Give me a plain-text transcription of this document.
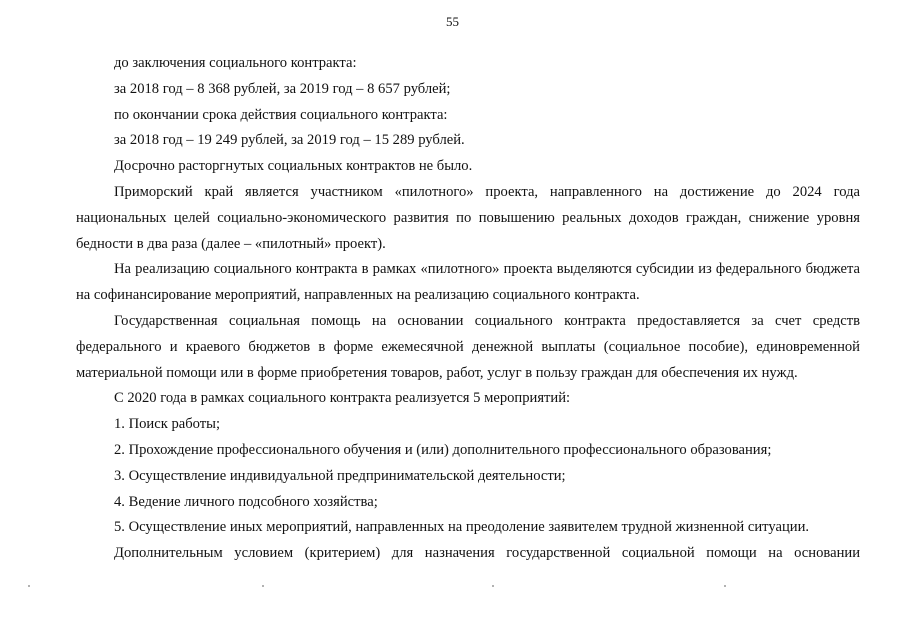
55

до заключения социального контракта:

за 2018 год – 8 368 рублей, за 2019 год – 8 657 рублей;

по окончании срока действия социального контракта:

за 2018 год – 19 249 рублей, за 2019 год – 15 289 рублей.

Досрочно расторгнутых социальных контрактов не было.

Приморский край является участником «пилотного» проекта, направленного на достижение до 2024 года национальных целей социально-экономического развития по повышению реальных доходов граждан, снижение уровня бедности в два раза (далее – «пилотный» проект).

На реализацию социального контракта в рамках «пилотного» проекта выделяются субсидии из федерального бюджета на софинансирование мероприятий, направленных на реализацию социального контракта.

Государственная социальная помощь на основании социального контракта предоставляется за счет средств федерального и краевого бюджетов в форме ежемесячной денежной выплаты (социальное пособие), единовременной материальной помощи или в форме приобретения товаров, работ, услуг в пользу граждан для обеспечения их нужд.

С 2020 года в рамках социального контракта реализуется 5 мероприятий:

1. Поиск работы;

2. Прохождение профессионального обучения и (или) дополнительного профессионального образования;

3. Осуществление индивидуальной предпринимательской деятельности;

4. Ведение личного подсобного хозяйства;

5. Осуществление иных мероприятий, направленных на преодоление заявителем трудной жизненной ситуации.

Дополнительным условием (критерием) для назначения государственной социальной помощи на основании
